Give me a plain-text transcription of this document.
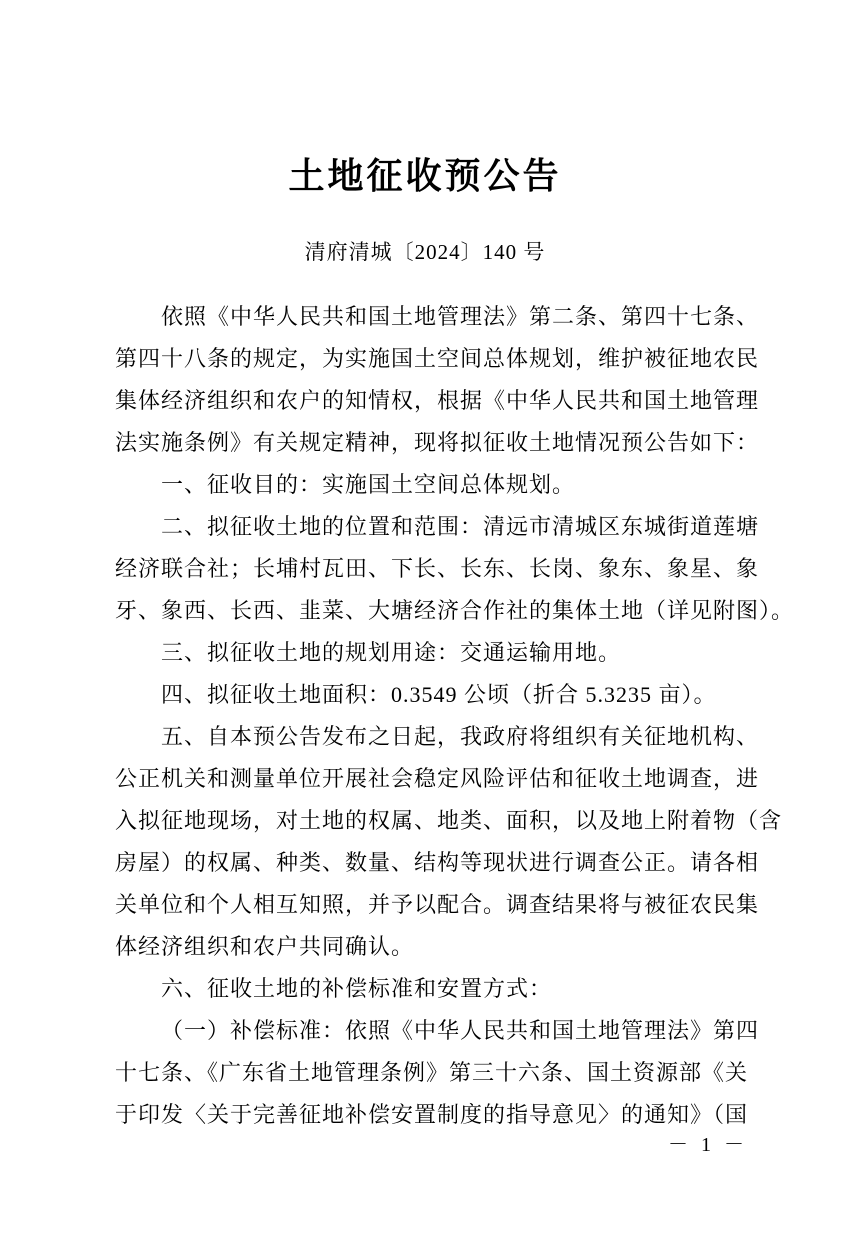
土地征收预公告
清府清城〔2024〕140 号
依照《中华人民共和国土地管理法》第二条、第四十七条、
第四十八条的规定，为实施国土空间总体规划，维护被征地农民
集体经济组织和农户的知情权，根据《中华人民共和国土地管理
法实施条例》有关规定精神，现将拟征收土地情况预公告如下：
一、征收目的：实施国土空间总体规划。
二、拟征收土地的位置和范围：清远市清城区东城街道莲塘
经济联合社；长埔村瓦田、下长、长东、长岗、象东、象星、象
牙、象西、长西、韭菜、大塘经济合作社的集体土地（详见附图）。
三、拟征收土地的规划用途：交通运输用地。
四、拟征收土地面积：0.3549 公顷（折合 5.3235 亩）。
五、自本预公告发布之日起，我政府将组织有关征地机构、
公正机关和测量单位开展社会稳定风险评估和征收土地调查，进
入拟征地现场，对土地的权属、地类、面积，以及地上附着物（含
房屋）的权属、种类、数量、结构等现状进行调查公正。请各相
关单位和个人相互知照，并予以配合。调查结果将与被征农民集
体经济组织和农户共同确认。
六、征收土地的补偿标准和安置方式：
（一）补偿标准：依照《中华人民共和国土地管理法》第四
十七条、《广东省土地管理条例》第三十六条、国土资源部《关
于印发〈关于完善征地补偿安置制度的指导意见〉的通知》（国
－ 1 －
